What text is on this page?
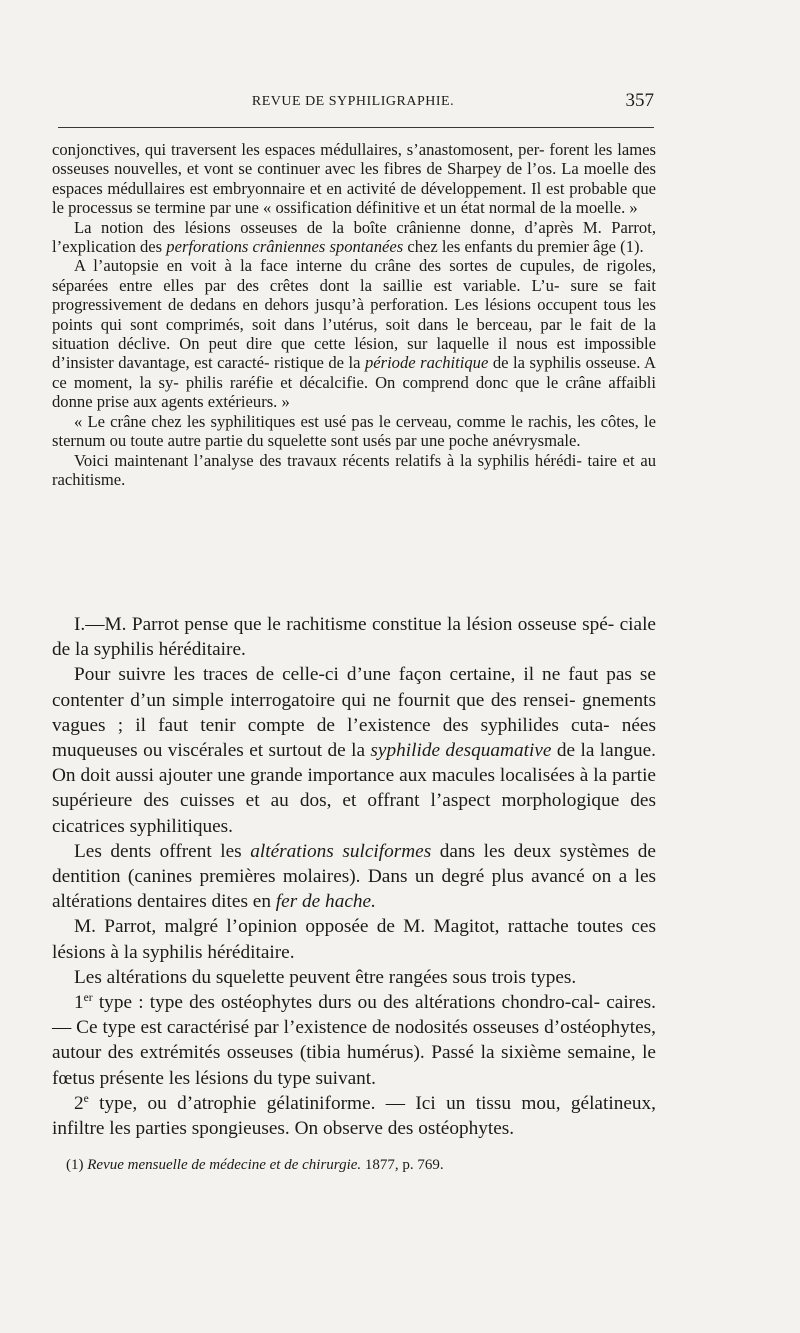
REVUE DE SYPHILIGRAPHIE.	357

conjonctives, qui traversent les espaces médullaires, s’anastomosent, per- forent les lames osseuses nouvelles, et vont se continuer avec les fibres de Sharpey de l’os. La moelle des espaces médullaires est embryonnaire et en activité de développement. Il est probable que le processus se termine par une « ossification définitive et un état normal de la moelle. »

La notion des lésions osseuses de la boîte crânienne donne, d’après M. Parrot, l’explication des perforations crâniennes spontanées chez les enfants du premier âge (1).

A l’autopsie en voit à la face interne du crâne des sortes de cupules, de rigoles, séparées entre elles par des crêtes dont la saillie est variable. L’u- sure se fait progressivement de dedans en dehors jusqu’à perforation. Les lésions occupent tous les points qui sont comprimés, soit dans l’utérus, soit dans le berceau, par le fait de la situation déclive. On peut dire que cette lésion, sur laquelle il nous est impossible d’insister davantage, est caracté- ristique de la période rachitique de la syphilis osseuse. A ce moment, la sy- philis raréfie et décalcifie. On comprend donc que le crâne affaibli donne prise aux agents extérieurs. »

« Le crâne chez les syphilitiques est usé pas le cerveau, comme le rachis, les côtes, le sternum ou toute autre partie du squelette sont usés par une poche anévrysmale.

Voici maintenant l’analyse des travaux récents relatifs à la syphilis hérédi- taire et au rachitisme.

I.—M. Parrot pense que le rachitisme constitue la lésion osseuse spé- ciale de la syphilis héréditaire.

Pour suivre les traces de celle-ci d’une façon certaine, il ne faut pas se contenter d’un simple interrogatoire qui ne fournit que des rensei- gnements vagues ; il faut tenir compte de l’existence des syphilides cuta- nées muqueuses ou viscérales et surtout de la syphilide desquamative de la langue. On doit aussi ajouter une grande importance aux macules localisées à la partie supérieure des cuisses et au dos, et offrant l’aspect morphologique des cicatrices syphilitiques.

Les dents offrent les altérations sulciformes dans les deux systèmes de dentition (canines premières molaires). Dans un degré plus avancé on a les altérations dentaires dites en fer de hache.

M. Parrot, malgré l’opinion opposée de M. Magitot, rattache toutes ces lésions à la syphilis héréditaire.

Les altérations du squelette peuvent être rangées sous trois types.

1er type : type des ostéophytes durs ou des altérations chondro-cal- caires. — Ce type est caractérisé par l’existence de nodosités osseuses d’ostéophytes, autour des extrémités osseuses (tibia humérus). Passé la sixième semaine, le fœtus présente les lésions du type suivant.

2e type, ou d’atrophie gélatiniforme. — Ici un tissu mou, gélatineux, infiltre les parties spongieuses. On observe des ostéophytes.

(1) Revue mensuelle de médecine et de chirurgie. 1877, p. 769.
